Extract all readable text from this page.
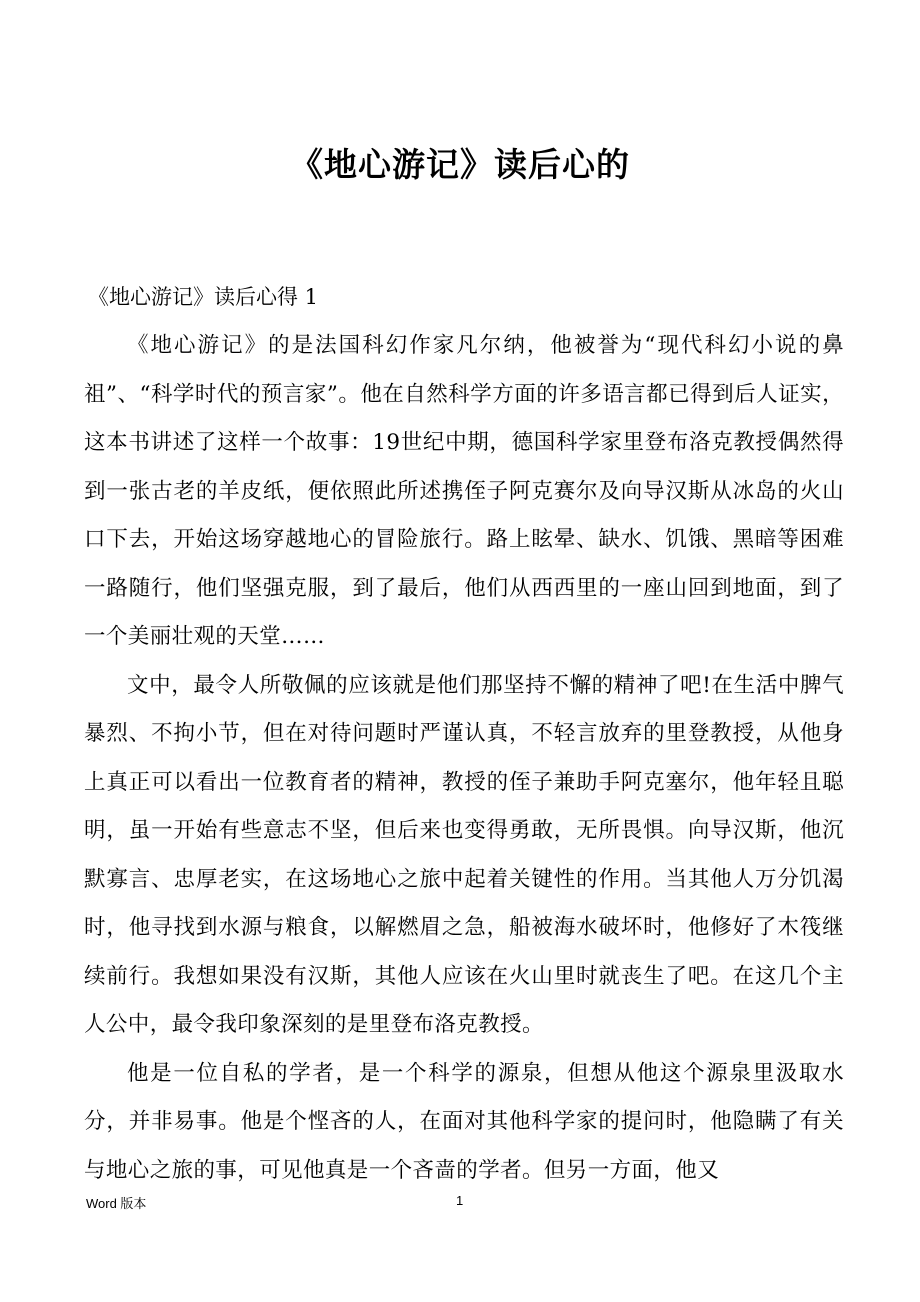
《地心游记》读后心的
《地心游记》读后心得 1

《地心游记》的是法国科幻作家凡尔纳，他被誉为“现代科幻小说的鼻祖”、“科学时代的预言家”。他在自然科学方面的许多语言都已得到后人证实，这本书讲述了这样一个故事：19世纪中期，德国科学家里登布洛克教授偶然得到一张古老的羊皮纸，便依照此所述携侄子阿克赛尔及向导汉斯从冰岛的火山口下去，开始这场穿越地心的冒险旅行。路上眩晕、缺水、饥饿、黑暗等困难一路随行，他们坚强克服，到了最后，他们从西西里的一座山回到地面，到了一个美丽壮观的天堂……

文中，最令人所敬佩的应该就是他们那坚持不懈的精神了吧!在生活中脾气暴烈、不拘小节，但在对待问题时严谨认真，不轻言放弃的里登教授，从他身上真正可以看出一位教育者的精神，教授的侄子兼助手阿克塞尔，他年轻且聪明，虽一开始有些意志不坚，但后来也变得勇敢，无所畏惧。向导汉斯，他沉默寡言、忠厚老实，在这场地心之旅中起着关键性的作用。当其他人万分饥渴时，他寻找到水源与粮食，以解燃眉之急，船被海水破坏时，他修好了木筏继续前行。我想如果没有汉斯，其他人应该在火山里时就丧生了吧。在这几个主人公中，最令我印象深刻的是里登布洛克教授。

他是一位自私的学者，是一个科学的源泉，但想从他这个源泉里汲取水分，并非易事。他是个悭吝的人，在面对其他科学家的提问时，他隐瞒了有关与地心之旅的事，可见他真是一个吝啬的学者。但另一方面，他又

Word 版本	1
